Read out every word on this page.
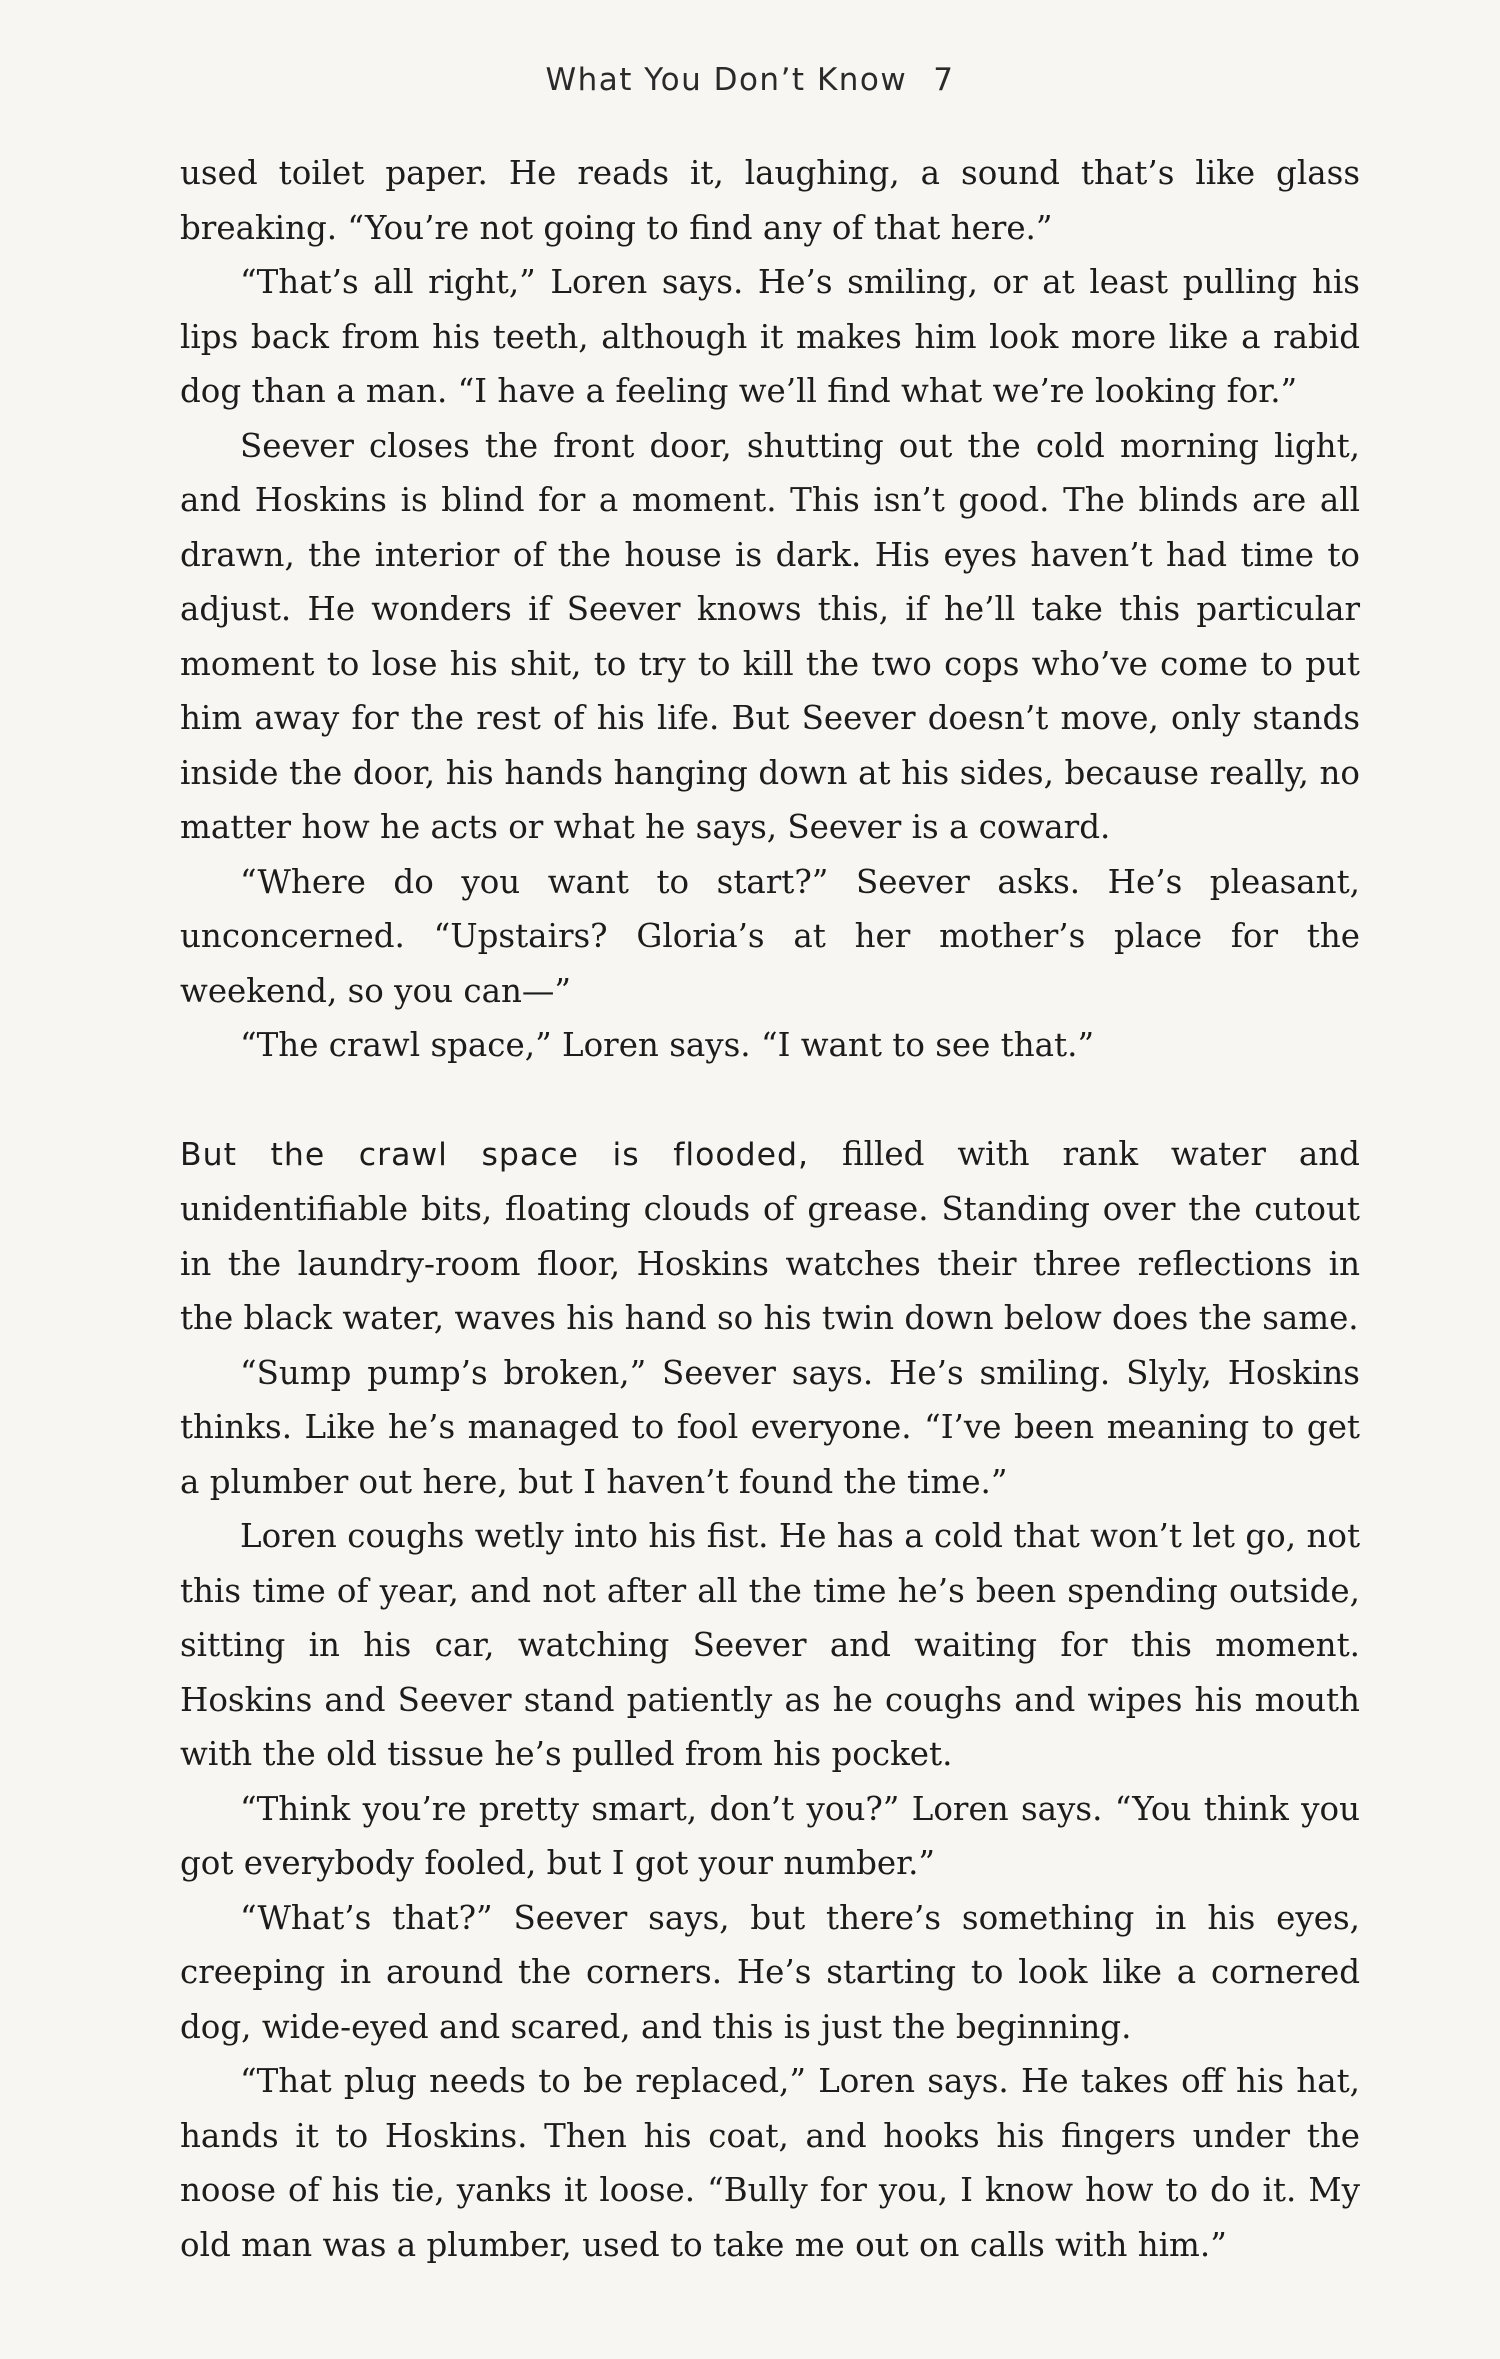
What You Don’t Know 7

used toilet paper. He reads it, laughing, a sound that’s like glass breaking. “You’re not going to find any of that here.”

“That’s all right,” Loren says. He’s smiling, or at least pulling his lips back from his teeth, although it makes him look more like a rabid dog than a man. “I have a feeling we’ll find what we’re looking for.”

Seever closes the front door, shutting out the cold morning light, and Hoskins is blind for a moment. This isn’t good. The blinds are all drawn, the interior of the house is dark. His eyes haven’t had time to adjust. He wonders if Seever knows this, if he’ll take this particular moment to lose his shit, to try to kill the two cops who’ve come to put him away for the rest of his life. But Seever doesn’t move, only stands inside the door, his hands hanging down at his sides, because really, no matter how he acts or what he says, Seever is a coward.

“Where do you want to start?” Seever asks. He’s pleasant, unconcerned. “Upstairs? Gloria’s at her mother’s place for the weekend, so you can—”

“The crawl space,” Loren says. “I want to see that.”

But the crawl space is flooded, filled with rank water and unidentifiable bits, floating clouds of grease. Standing over the cutout in the laundry-room floor, Hoskins watches their three reflections in the black water, waves his hand so his twin down below does the same.

“Sump pump’s broken,” Seever says. He’s smiling. Slyly, Hoskins thinks. Like he’s managed to fool everyone. “I’ve been meaning to get a plumber out here, but I haven’t found the time.”

Loren coughs wetly into his fist. He has a cold that won’t let go, not this time of year, and not after all the time he’s been spending outside, sitting in his car, watching Seever and waiting for this moment. Hoskins and Seever stand patiently as he coughs and wipes his mouth with the old tissue he’s pulled from his pocket.

“Think you’re pretty smart, don’t you?” Loren says. “You think you got everybody fooled, but I got your number.”

“What’s that?” Seever says, but there’s something in his eyes, creeping in around the corners. He’s starting to look like a cornered dog, wide-eyed and scared, and this is just the beginning.

“That plug needs to be replaced,” Loren says. He takes off his hat, hands it to Hoskins. Then his coat, and hooks his fingers under the noose of his tie, yanks it loose. “Bully for you, I know how to do it. My old man was a plumber, used to take me out on calls with him.”
